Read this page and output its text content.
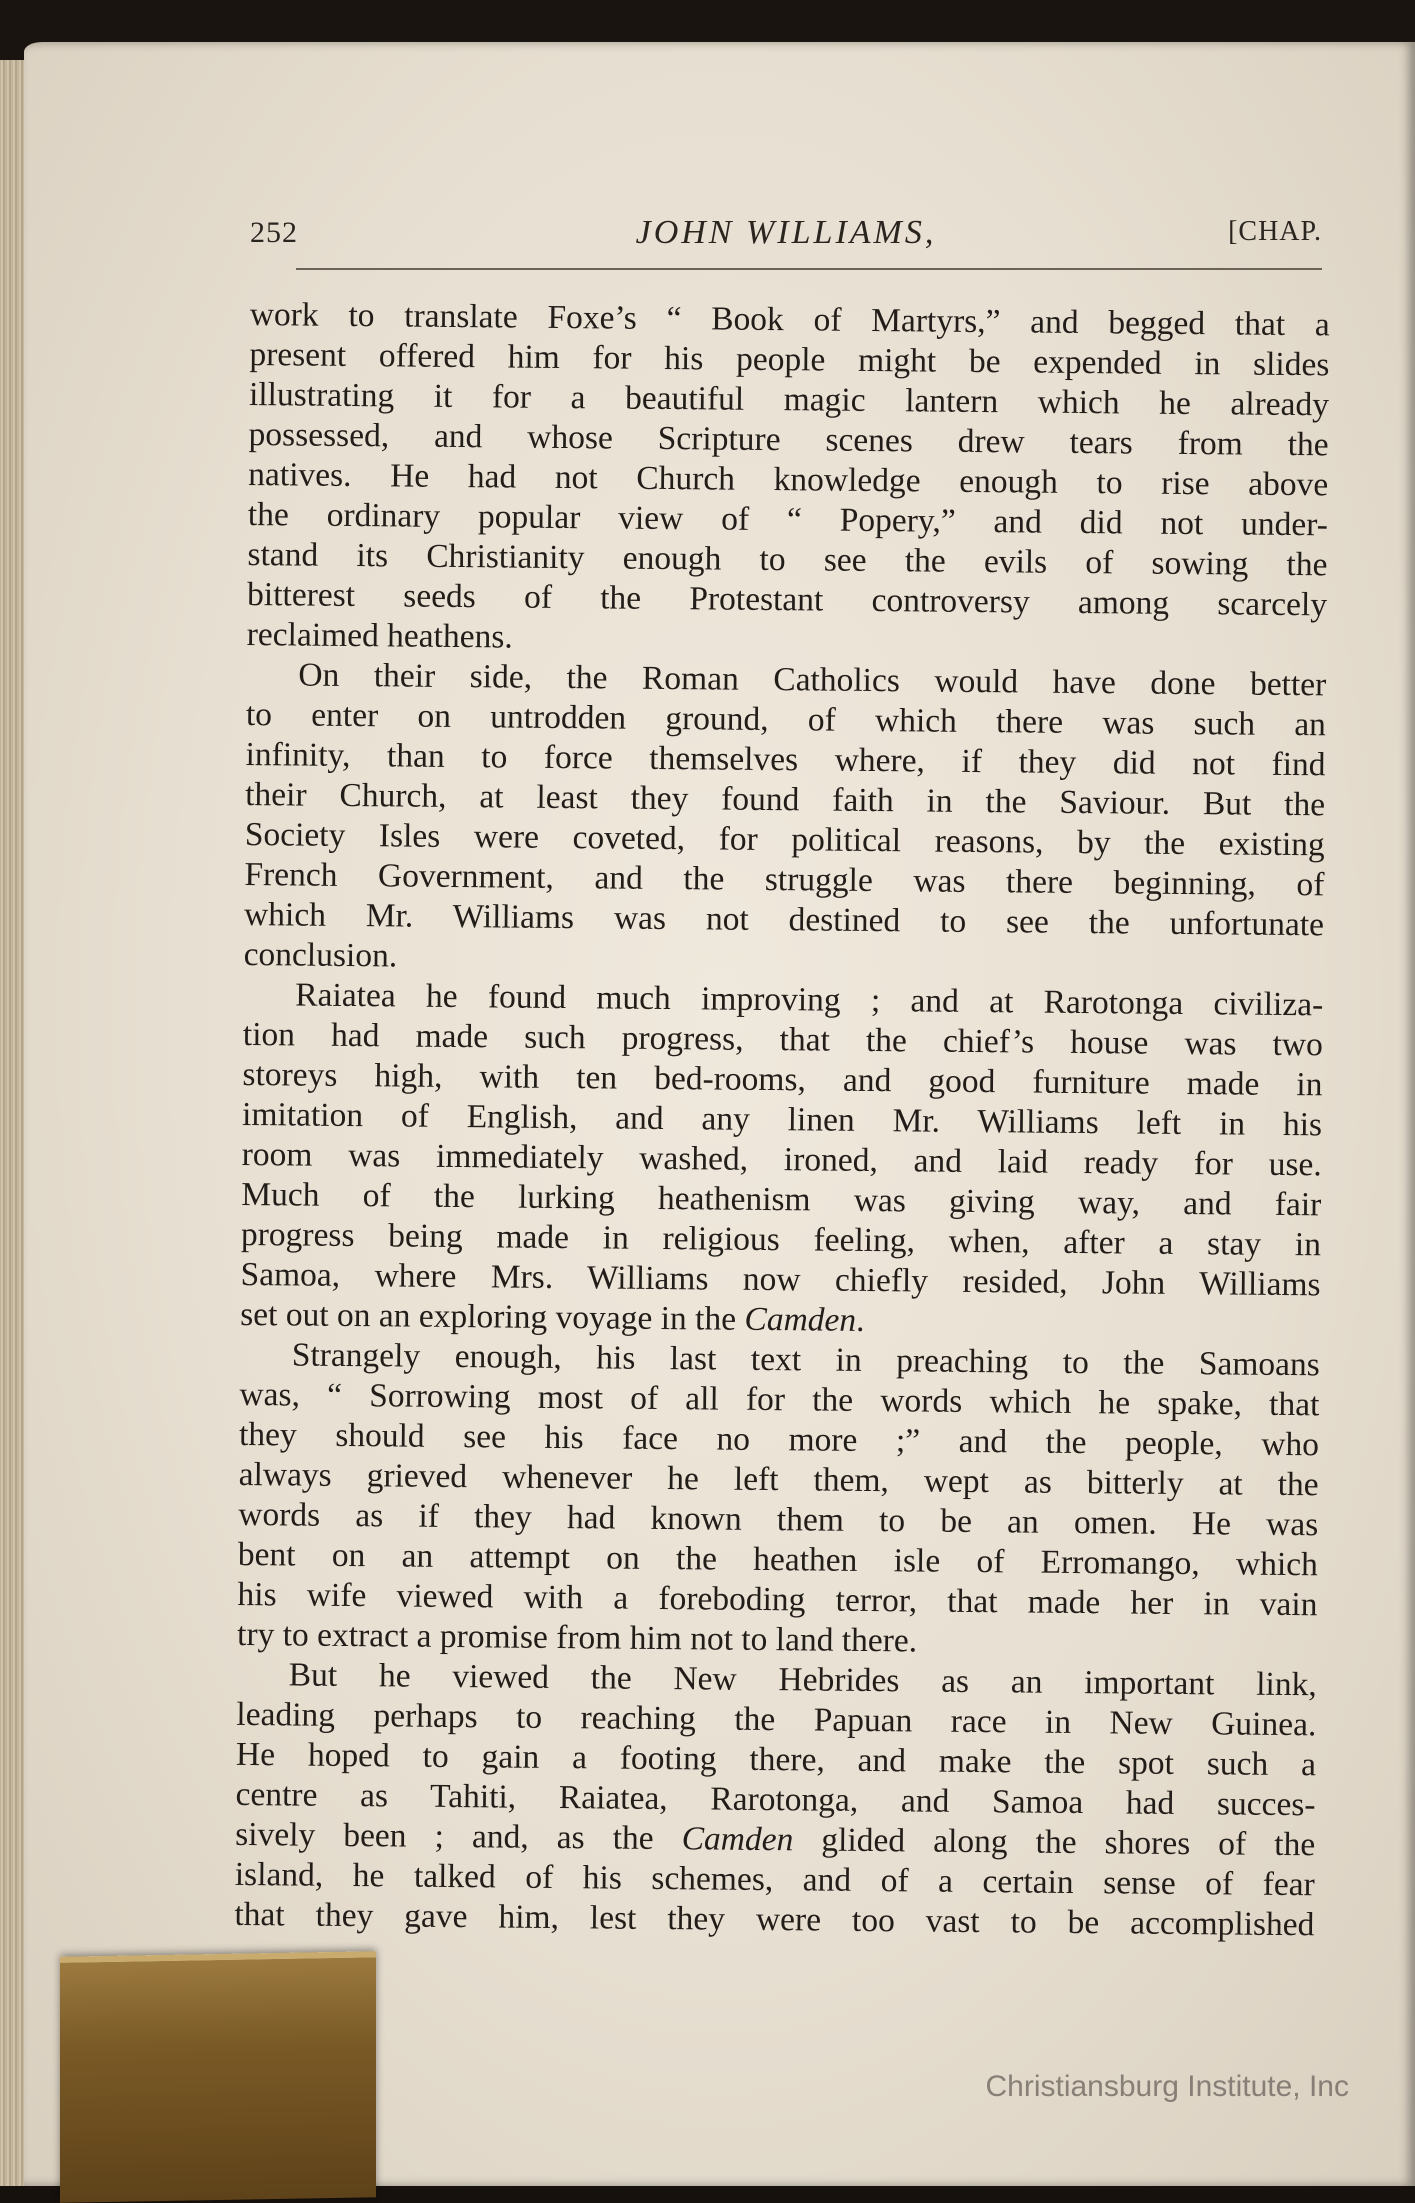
252	JOHN WILLIAMS,	[CHAP.

work to translate Foxe’s “ Book of Martyrs,” and begged that a
present offered him for his people might be expended in slides
illustrating it for a beautiful magic lantern which he already
possessed, and whose Scripture scenes drew tears from the
natives. He had not Church knowledge enough to rise above
the ordinary popular view of “ Popery,” and did not under-
stand its Christianity enough to see the evils of sowing the
bitterest seeds of the Protestant controversy among scarcely
reclaimed heathens.

On their side, the Roman Catholics would have done better
to enter on untrodden ground, of which there was such an
infinity, than to force themselves where, if they did not find
their Church, at least they found faith in the Saviour. But the
Society Isles were coveted, for political reasons, by the existing
French Government, and the struggle was there beginning, of
which Mr. Williams was not destined to see the unfortunate
conclusion.

Raiatea he found much improving ; and at Rarotonga civiliza-
tion had made such progress, that the chief’s house was two
storeys high, with ten bed-rooms, and good furniture made in
imitation of English, and any linen Mr. Williams left in his
room was immediately washed, ironed, and laid ready for use.
Much of the lurking heathenism was giving way, and fair
progress being made in religious feeling, when, after a stay in
Samoa, where Mrs. Williams now chiefly resided, John Williams
set out on an exploring voyage in the Camden.

Strangely enough, his last text in preaching to the Samoans
was, “ Sorrowing most of all for the words which he spake, that
they should see his face no more ;” and the people, who
always grieved whenever he left them, wept as bitterly at the
words as if they had known them to be an omen. He was
bent on an attempt on the heathen isle of Erromango, which
his wife viewed with a foreboding terror, that made her in vain
try to extract a promise from him not to land there.

But he viewed the New Hebrides as an important link,
leading perhaps to reaching the Papuan race in New Guinea.
He hoped to gain a footing there, and make the spot such a
centre as Tahiti, Raiatea, Rarotonga, and Samoa had succes-
sively been ; and, as the Camden glided along the shores of the
island, he talked of his schemes, and of a certain sense of fear
that they gave him, lest they were too vast to be accomplished

Christiansburg Institute, Inc
